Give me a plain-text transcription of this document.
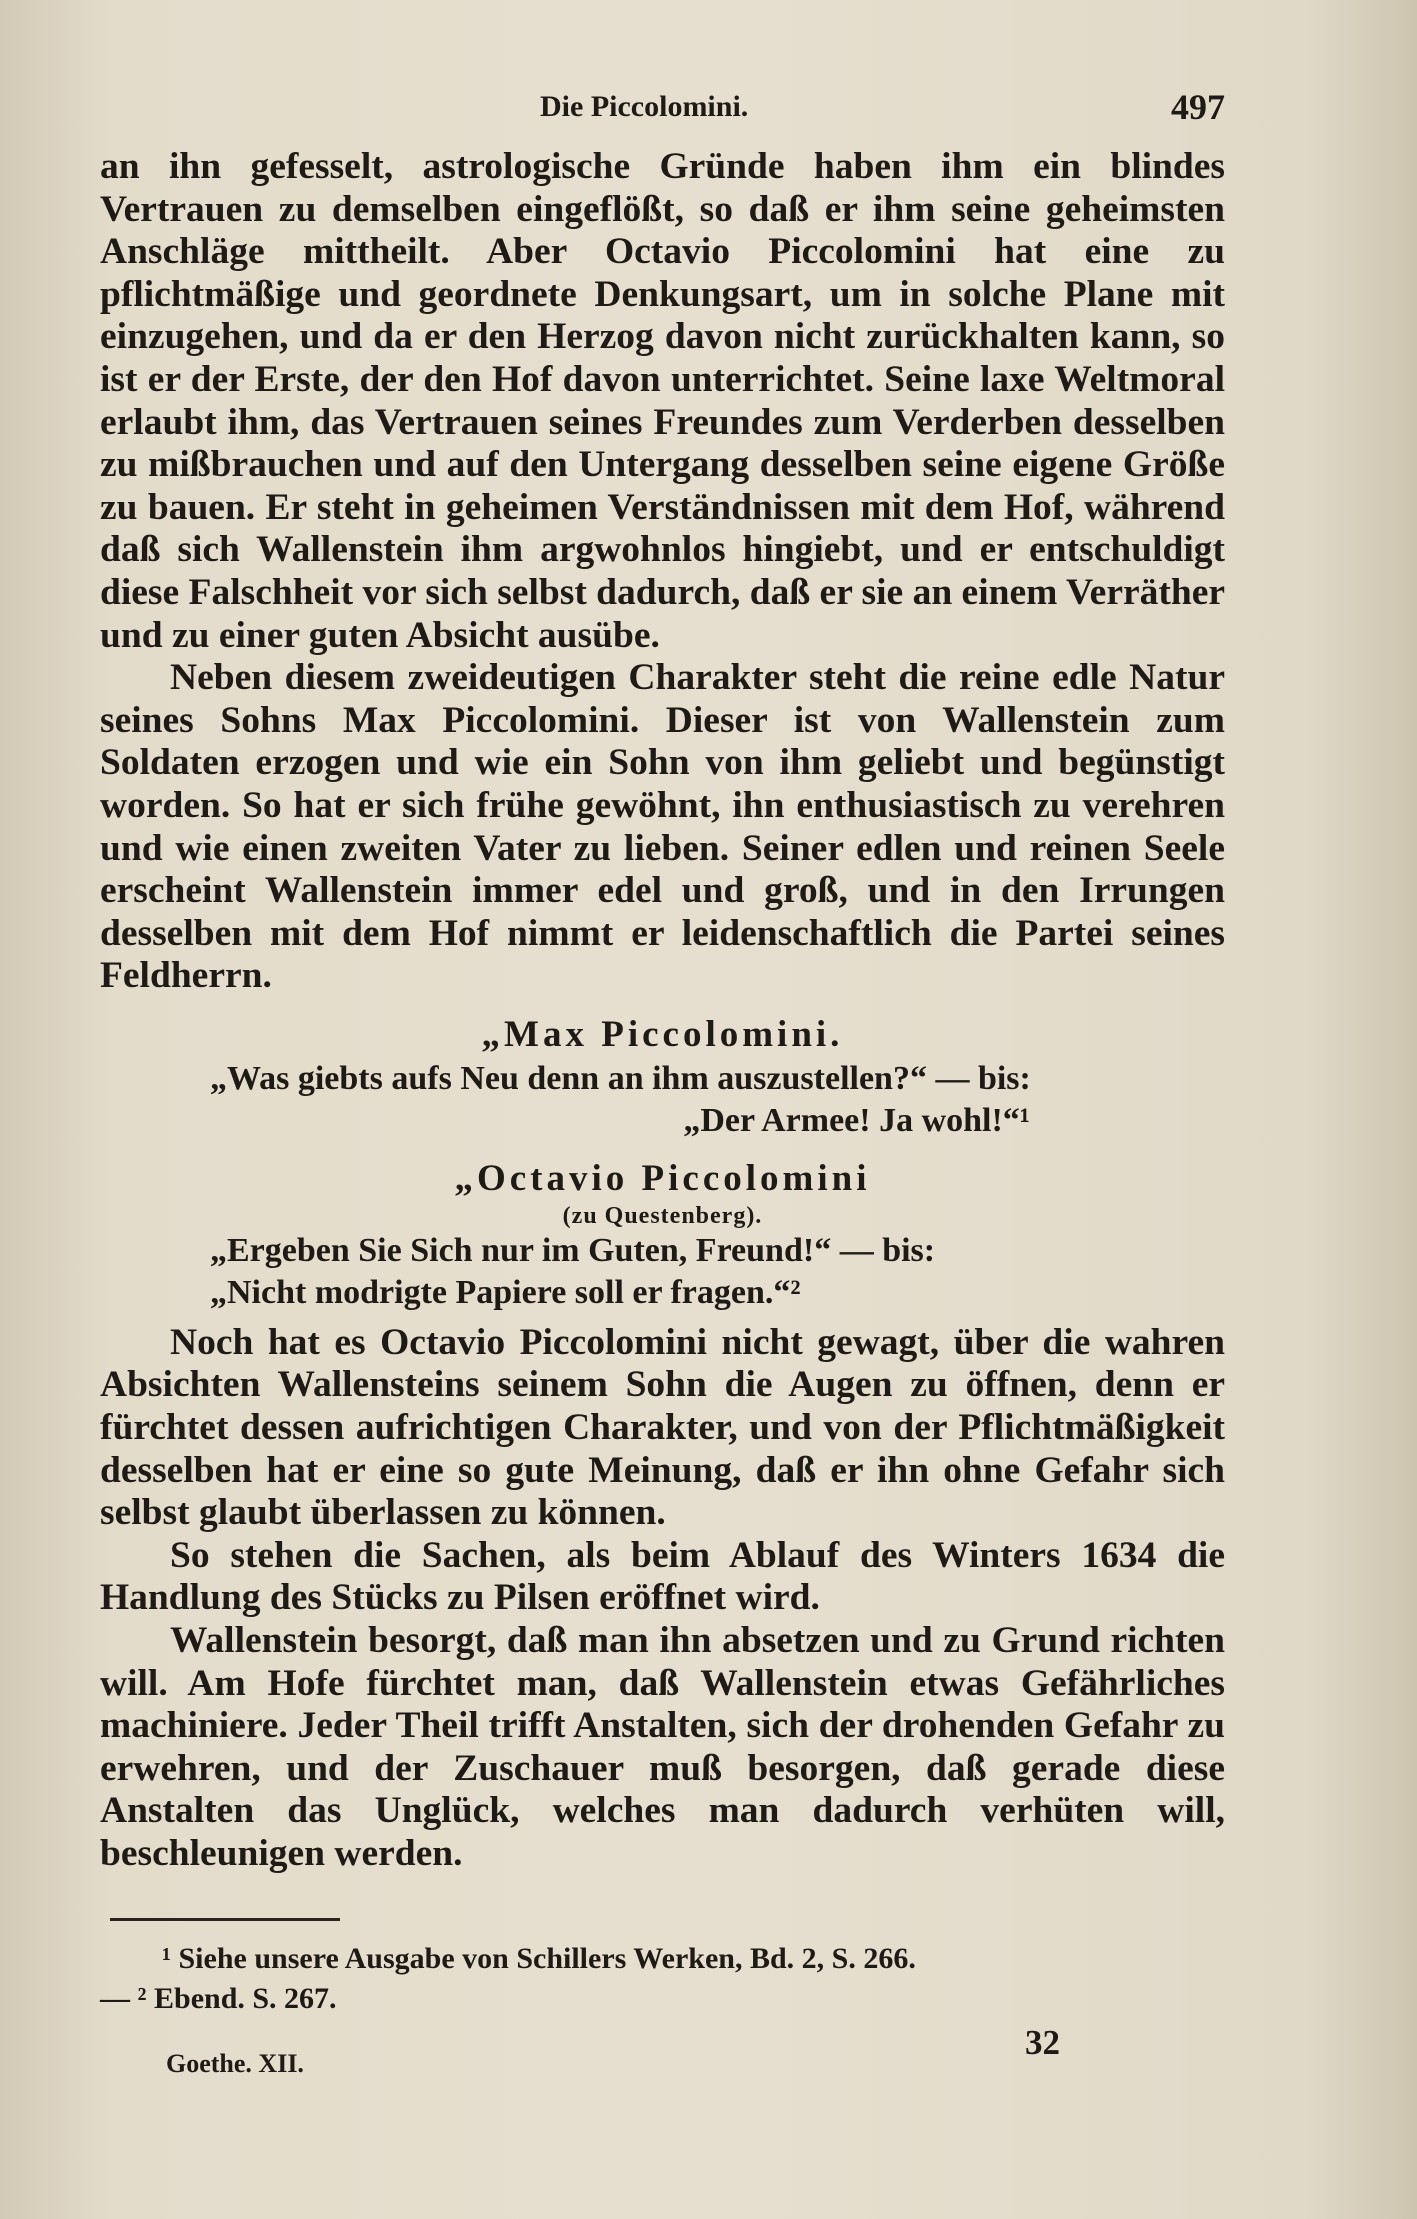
Die Piccolomini.	497

an ihn gefesselt, astrologische Gründe haben ihm ein blindes Vertrauen zu demselben eingeflößt, so daß er ihm seine geheimsten Anschläge mittheilt. Aber Octavio Piccolomini hat eine zu pflichtmäßige und geordnete Denkungsart, um in solche Plane mit einzugehen, und da er den Herzog davon nicht zurückhalten kann, so ist er der Erste, der den Hof davon unterrichtet. Seine laxe Weltmoral erlaubt ihm, das Vertrauen seines Freundes zum Verderben desselben zu mißbrauchen und auf den Untergang desselben seine eigene Größe zu bauen. Er steht in geheimen Verständnissen mit dem Hof, während daß sich Wallenstein ihm argwohnlos hingiebt, und er entschuldigt diese Falschheit vor sich selbst dadurch, daß er sie an einem Verräther und zu einer guten Absicht ausübe.

Neben diesem zweideutigen Charakter steht die reine edle Natur seines Sohns Max Piccolomini. Dieser ist von Wallenstein zum Soldaten erzogen und wie ein Sohn von ihm geliebt und begünstigt worden. So hat er sich frühe gewöhnt, ihn enthusiastisch zu verehren und wie einen zweiten Vater zu lieben. Seiner edlen und reinen Seele erscheint Wallenstein immer edel und groß, und in den Irrungen desselben mit dem Hof nimmt er leidenschaftlich die Partei seines Feldherrn.

„Max Piccolomini.
„Was giebts aufs Neu denn an ihm auszustellen?“ — bis:
„Der Armee! Ja wohl!“¹
„Octavio Piccolomini
(zu Questenberg).
„Ergeben Sie Sich nur im Guten, Freund!“ — bis:
„Nicht modrigte Papiere soll er fragen.“²

Noch hat es Octavio Piccolomini nicht gewagt, über die wahren Absichten Wallensteins seinem Sohn die Augen zu öffnen, denn er fürchtet dessen aufrichtigen Charakter, und von der Pflichtmäßigkeit desselben hat er eine so gute Meinung, daß er ihn ohne Gefahr sich selbst glaubt überlassen zu können.

So stehen die Sachen, als beim Ablauf des Winters 1634 die Handlung des Stücks zu Pilsen eröffnet wird.

Wallenstein besorgt, daß man ihn absetzen und zu Grund richten will. Am Hofe fürchtet man, daß Wallenstein etwas Gefährliches machiniere. Jeder Theil trifft Anstalten, sich der drohenden Gefahr zu erwehren, und der Zuschauer muß besorgen, daß gerade diese Anstalten das Unglück, welches man dadurch verhüten will, beschleunigen werden.

¹ Siehe unsere Ausgabe von Schillers Werken, Bd. 2, S. 266.
— ² Ebend. S. 267.
Goethe. XII.
32
